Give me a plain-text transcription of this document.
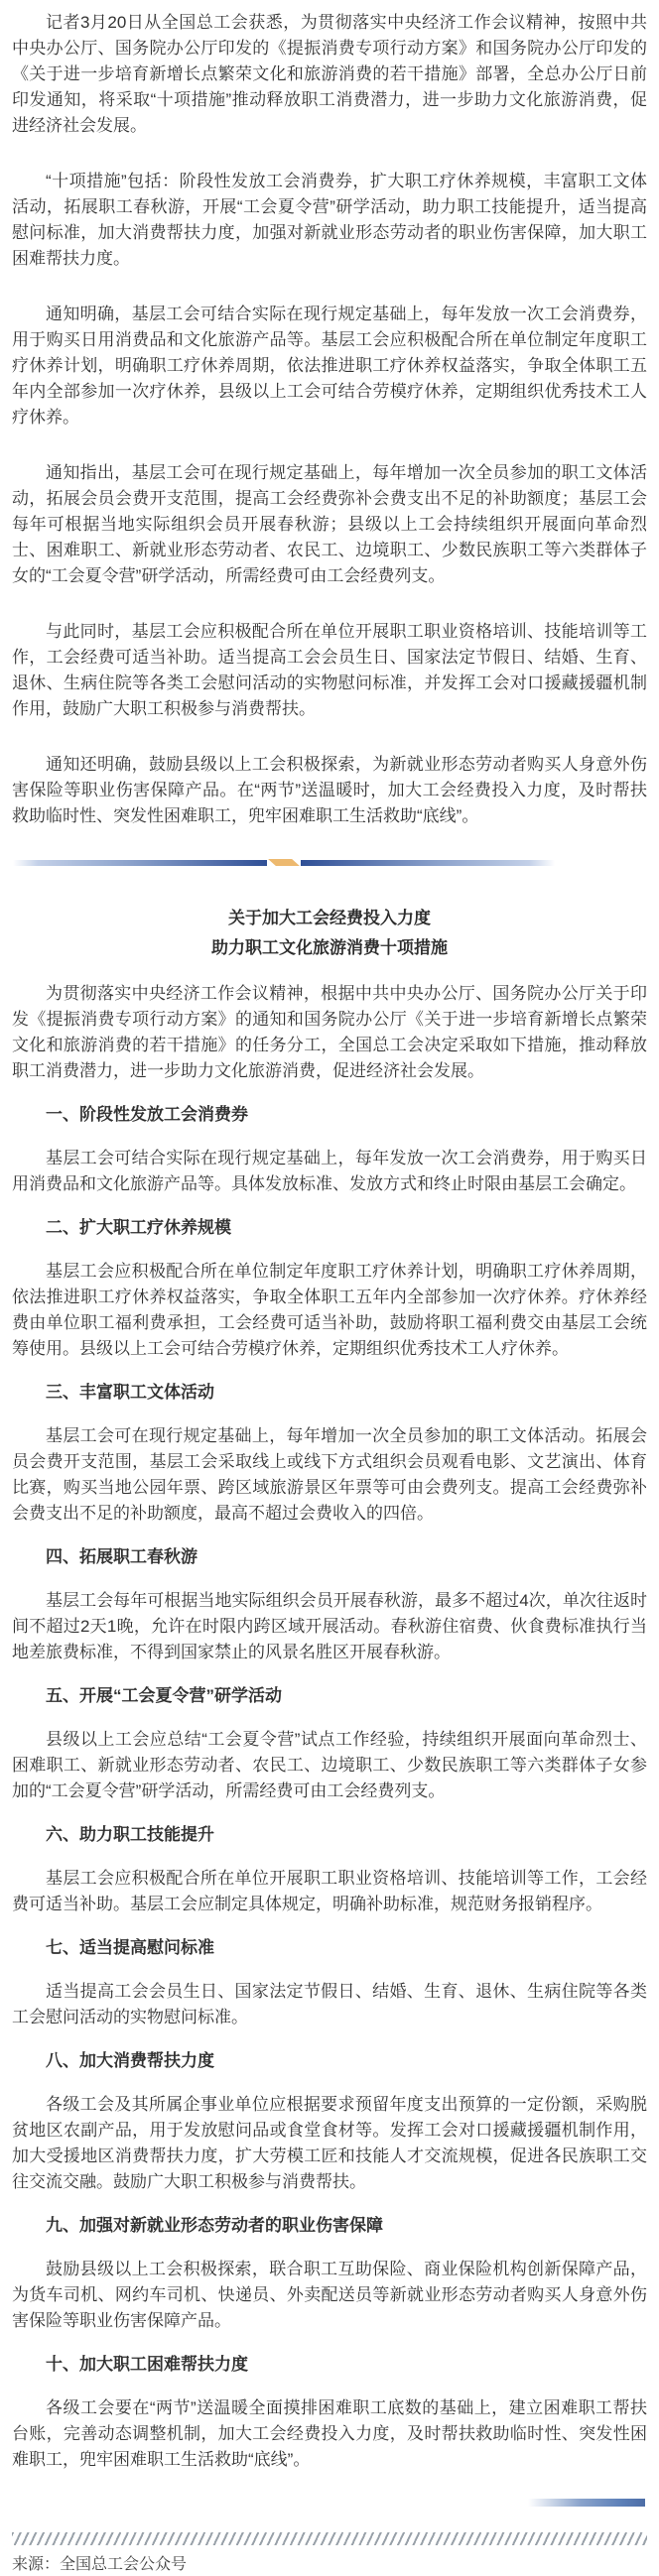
记者3月20日从全国总工会获悉，为贯彻落实中央经济工作会议精神，按照中共中央办公厅、国务院办公厅印发的《提振消费专项行动方案》和国务院办公厅印发的《关于进一步培育新增长点繁荣文化和旅游消费的若干措施》部署，全总办公厅日前印发通知，将采取“十项措施”推动释放职工消费潜力，进一步助力文化旅游消费，促进经济社会发展。

“十项措施”包括：阶段性发放工会消费券，扩大职工疗休养规模，丰富职工文体活动，拓展职工春秋游，开展“工会夏令营”研学活动，助力职工技能提升，适当提高慰问标准，加大消费帮扶力度，加强对新就业形态劳动者的职业伤害保障，加大职工困难帮扶力度。

通知明确，基层工会可结合实际在现行规定基础上，每年发放一次工会消费券，用于购买日用消费品和文化旅游产品等。基层工会应积极配合所在单位制定年度职工疗休养计划，明确职工疗休养周期，依法推进职工疗休养权益落实，争取全体职工五年内全部参加一次疗休养，县级以上工会可结合劳模疗休养，定期组织优秀技术工人疗休养。

通知指出，基层工会可在现行规定基础上，每年增加一次全员参加的职工文体活动，拓展会员会费开支范围，提高工会经费弥补会费支出不足的补助额度；基层工会每年可根据当地实际组织会员开展春秋游；县级以上工会持续组织开展面向革命烈士、困难职工、新就业形态劳动者、农民工、边境职工、少数民族职工等六类群体子女的“工会夏令营”研学活动，所需经费可由工会经费列支。

与此同时，基层工会应积极配合所在单位开展职工职业资格培训、技能培训等工作，工会经费可适当补助。适当提高工会会员生日、国家法定节假日、结婚、生育、退休、生病住院等各类工会慰问活动的实物慰问标准，并发挥工会对口援藏援疆机制作用，鼓励广大职工积极参与消费帮扶。

通知还明确，鼓励县级以上工会积极探索，为新就业形态劳动者购买人身意外伤害保险等职业伤害保障产品。在“两节”送温暖时，加大工会经费投入力度，及时帮扶救助临时性、突发性困难职工，兜牢困难职工生活救助“底线”。

关于加大工会经费投入力度
助力职工文化旅游消费十项措施

为贯彻落实中央经济工作会议精神，根据中共中央办公厅、国务院办公厅关于印发《提振消费专项行动方案》的通知和国务院办公厅《关于进一步培育新增长点繁荣文化和旅游消费的若干措施》的任务分工，全国总工会决定采取如下措施，推动释放职工消费潜力，进一步助力文化旅游消费，促进经济社会发展。

一、阶段性发放工会消费券

基层工会可结合实际在现行规定基础上，每年发放一次工会消费券，用于购买日用消费品和文化旅游产品等。具体发放标准、发放方式和终止时限由基层工会确定。

二、扩大职工疗休养规模

基层工会应积极配合所在单位制定年度职工疗休养计划，明确职工疗休养周期，依法推进职工疗休养权益落实，争取全体职工五年内全部参加一次疗休养。疗休养经费由单位职工福利费承担，工会经费可适当补助，鼓励将职工福利费交由基层工会统筹使用。县级以上工会可结合劳模疗休养，定期组织优秀技术工人疗休养。

三、丰富职工文体活动

基层工会可在现行规定基础上，每年增加一次全员参加的职工文体活动。拓展会员会费开支范围，基层工会采取线上或线下方式组织会员观看电影、文艺演出、体育比赛，购买当地公园年票、跨区域旅游景区年票等可由会费列支。提高工会经费弥补会费支出不足的补助额度，最高不超过会费收入的四倍。

四、拓展职工春秋游

基层工会每年可根据当地实际组织会员开展春秋游，最多不超过4次，单次往返时间不超过2天1晚，允许在时限内跨区域开展活动。春秋游住宿费、伙食费标准执行当地差旅费标准，不得到国家禁止的风景名胜区开展春秋游。

五、开展“工会夏令营”研学活动

县级以上工会应总结“工会夏令营”试点工作经验，持续组织开展面向革命烈士、困难职工、新就业形态劳动者、农民工、边境职工、少数民族职工等六类群体子女参加的“工会夏令营”研学活动，所需经费可由工会经费列支。

六、助力职工技能提升

基层工会应积极配合所在单位开展职工职业资格培训、技能培训等工作，工会经费可适当补助。基层工会应制定具体规定，明确补助标准，规范财务报销程序。

七、适当提高慰问标准

适当提高工会会员生日、国家法定节假日、结婚、生育、退休、生病住院等各类工会慰问活动的实物慰问标准。

八、加大消费帮扶力度

各级工会及其所属企事业单位应根据要求预留年度支出预算的一定份额，采购脱贫地区农副产品，用于发放慰问品或食堂食材等。发挥工会对口援藏援疆机制作用，加大受援地区消费帮扶力度，扩大劳模工匠和技能人才交流规模，促进各民族职工交往交流交融。鼓励广大职工积极参与消费帮扶。

九、加强对新就业形态劳动者的职业伤害保障

鼓励县级以上工会积极探索，联合职工互助保险、商业保险机构创新保障产品，为货车司机、网约车司机、快递员、外卖配送员等新就业形态劳动者购买人身意外伤害保险等职业伤害保障产品。

十、加大职工困难帮扶力度

各级工会要在“两节”送温暖全面摸排困难职工底数的基础上，建立困难职工帮扶台账，完善动态调整机制，加大工会经费投入力度，及时帮扶救助临时性、突发性困难职工，兜牢困难职工生活救助“底线”。

来源：全国总工会公众号
